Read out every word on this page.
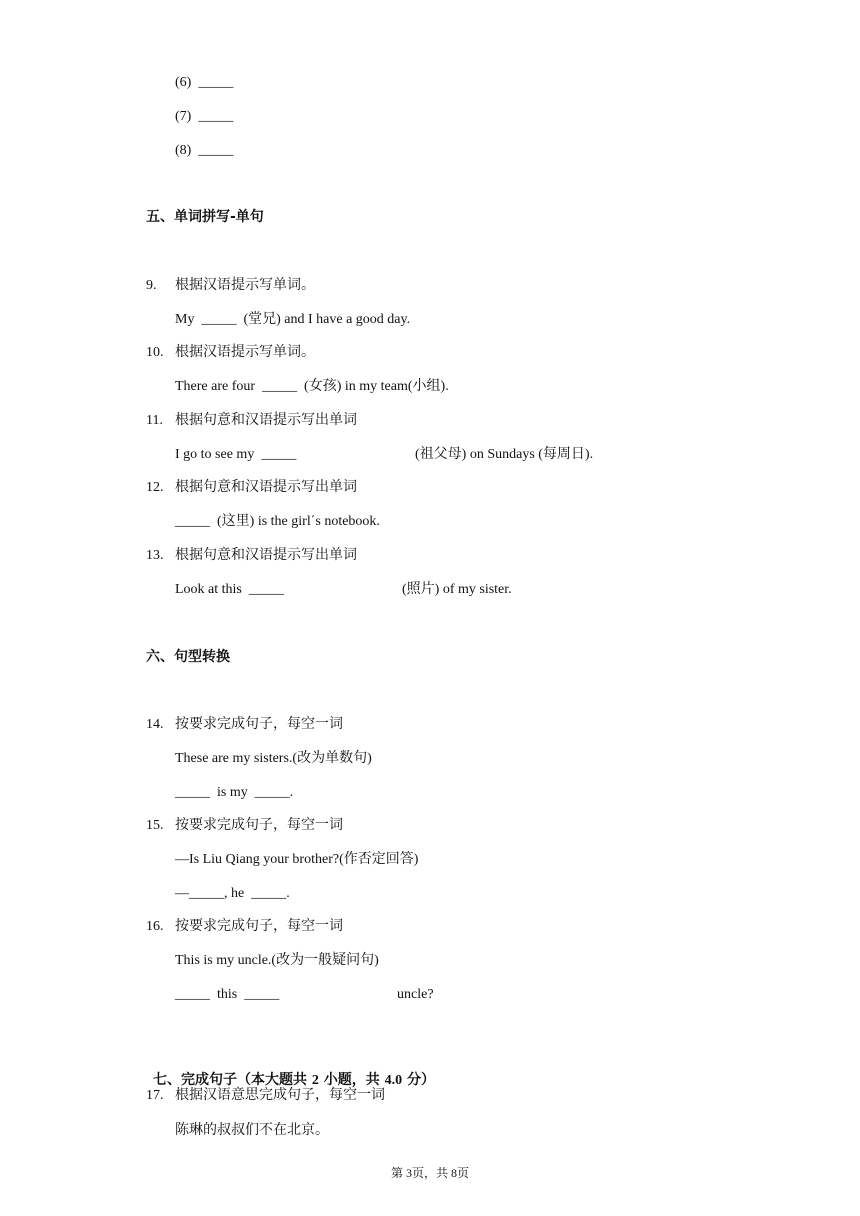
(6)  _____
(7)  _____
(8)  _____
五、单词拼写-单句
9. 根据汉语提示写单词。
My  _____  (堂兄) and I have a good day.
10. 根据汉语提示写单词。
There are four  _____  (女孩) in my team(小组).
11. 根据句意和汉语提示写出单词
I go to see my  _____	(祖父母) on Sundays (每周日).
12. 根据句意和汉语提示写出单词
_____  (这里) is the girl΄s notebook.
13. 根据句意和汉语提示写出单词
Look at this  _____	(照片) of my sister.
六、句型转换
14. 按要求完成句子，每空一词
These are my sisters.(改为单数句)
_____  is my  _____.
15. 按要求完成句子，每空一词
—Is Liu Qiang your brother?(作否定回答)
—_____, he  _____.
16. 按要求完成句子，每空一词
This is my uncle.(改为一般疑问句)
_____  this  _____	uncle?

七、完成句子（本大题共 2 小题，共 4.0 分）

17. 根据汉语意思完成句子，每空一词
陈琳的叔叔们不在北京。
第 3页，共 8页
